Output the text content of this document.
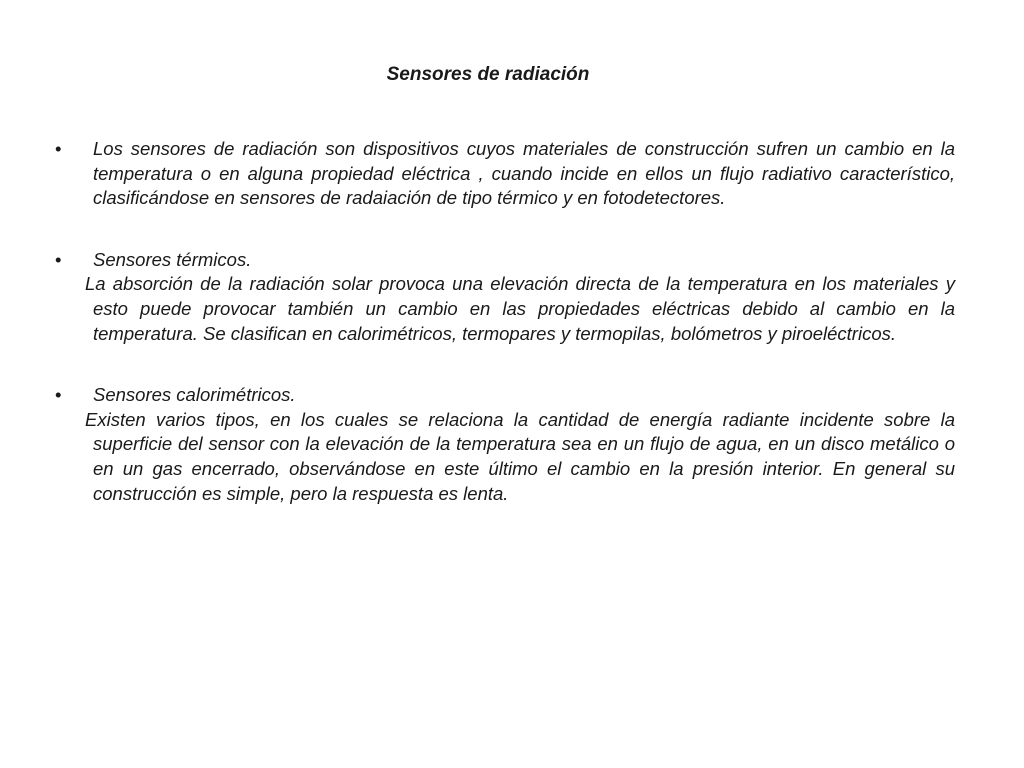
Sensores de radiación
•	Los sensores de radiación son dispositivos cuyos materiales de construcción sufren un cambio en la temperatura o en alguna propiedad eléctrica , cuando incide en ellos un flujo radiativo característico, clasificándose en sensores de radaiación de tipo térmico y en fotodetectores.
•	Sensores térmicos.
La absorción de la radiación solar provoca una elevación directa de la temperatura en los materiales y esto puede provocar también un cambio en las propiedades eléctricas debido al cambio en la temperatura. Se clasifican en calorimétricos, termopares y termopilas, bolómetros y piroeléctricos.
•	Sensores calorimétricos.
Existen varios tipos, en los cuales se relaciona la cantidad de energía radiante incidente sobre la superficie del sensor con la elevación de la temperatura sea en un flujo de agua, en un disco metálico o en un gas encerrado, observándose en este último el cambio en la presión interior. En general su construcción es simple, pero la respuesta es lenta.
